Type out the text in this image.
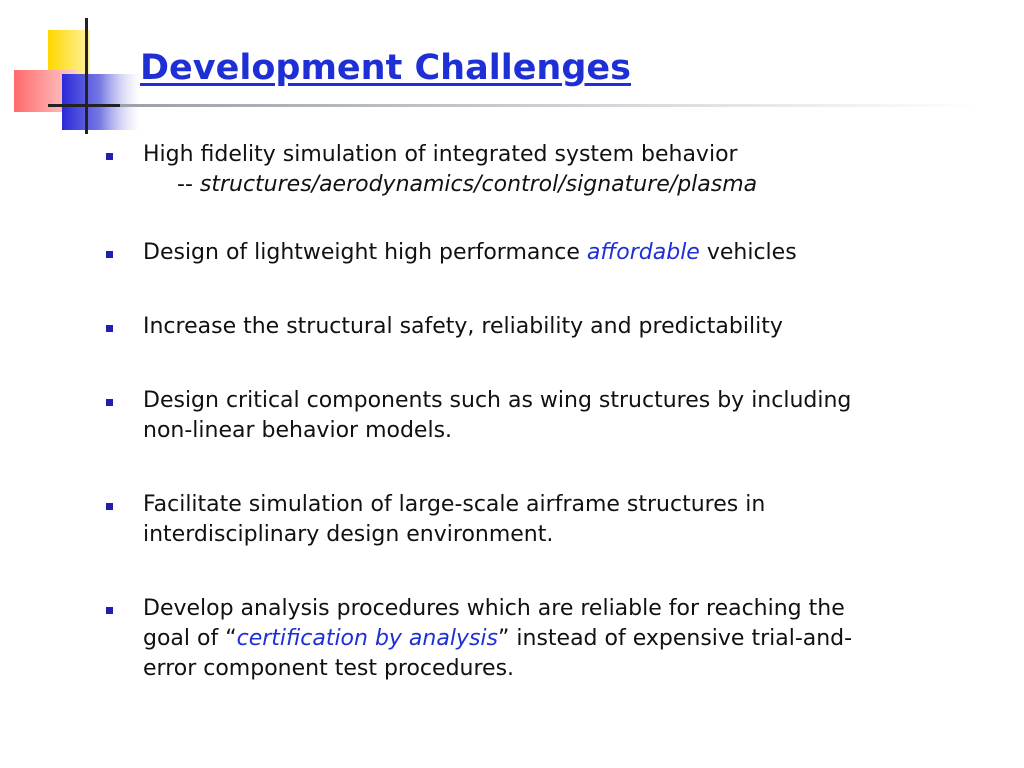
Development Challenges
High fidelity simulation of integrated system behavior
-- structures/aerodynamics/control/signature/plasma
Design of lightweight high performance affordable vehicles
Increase the structural safety, reliability and predictability
Design critical components such as wing structures by including
non-linear behavior models.
Facilitate simulation of large-scale airframe structures in
interdisciplinary design environment.
Develop analysis procedures which are reliable for reaching the
goal of “certification by analysis” instead of expensive trial-and-
error component test procedures.
